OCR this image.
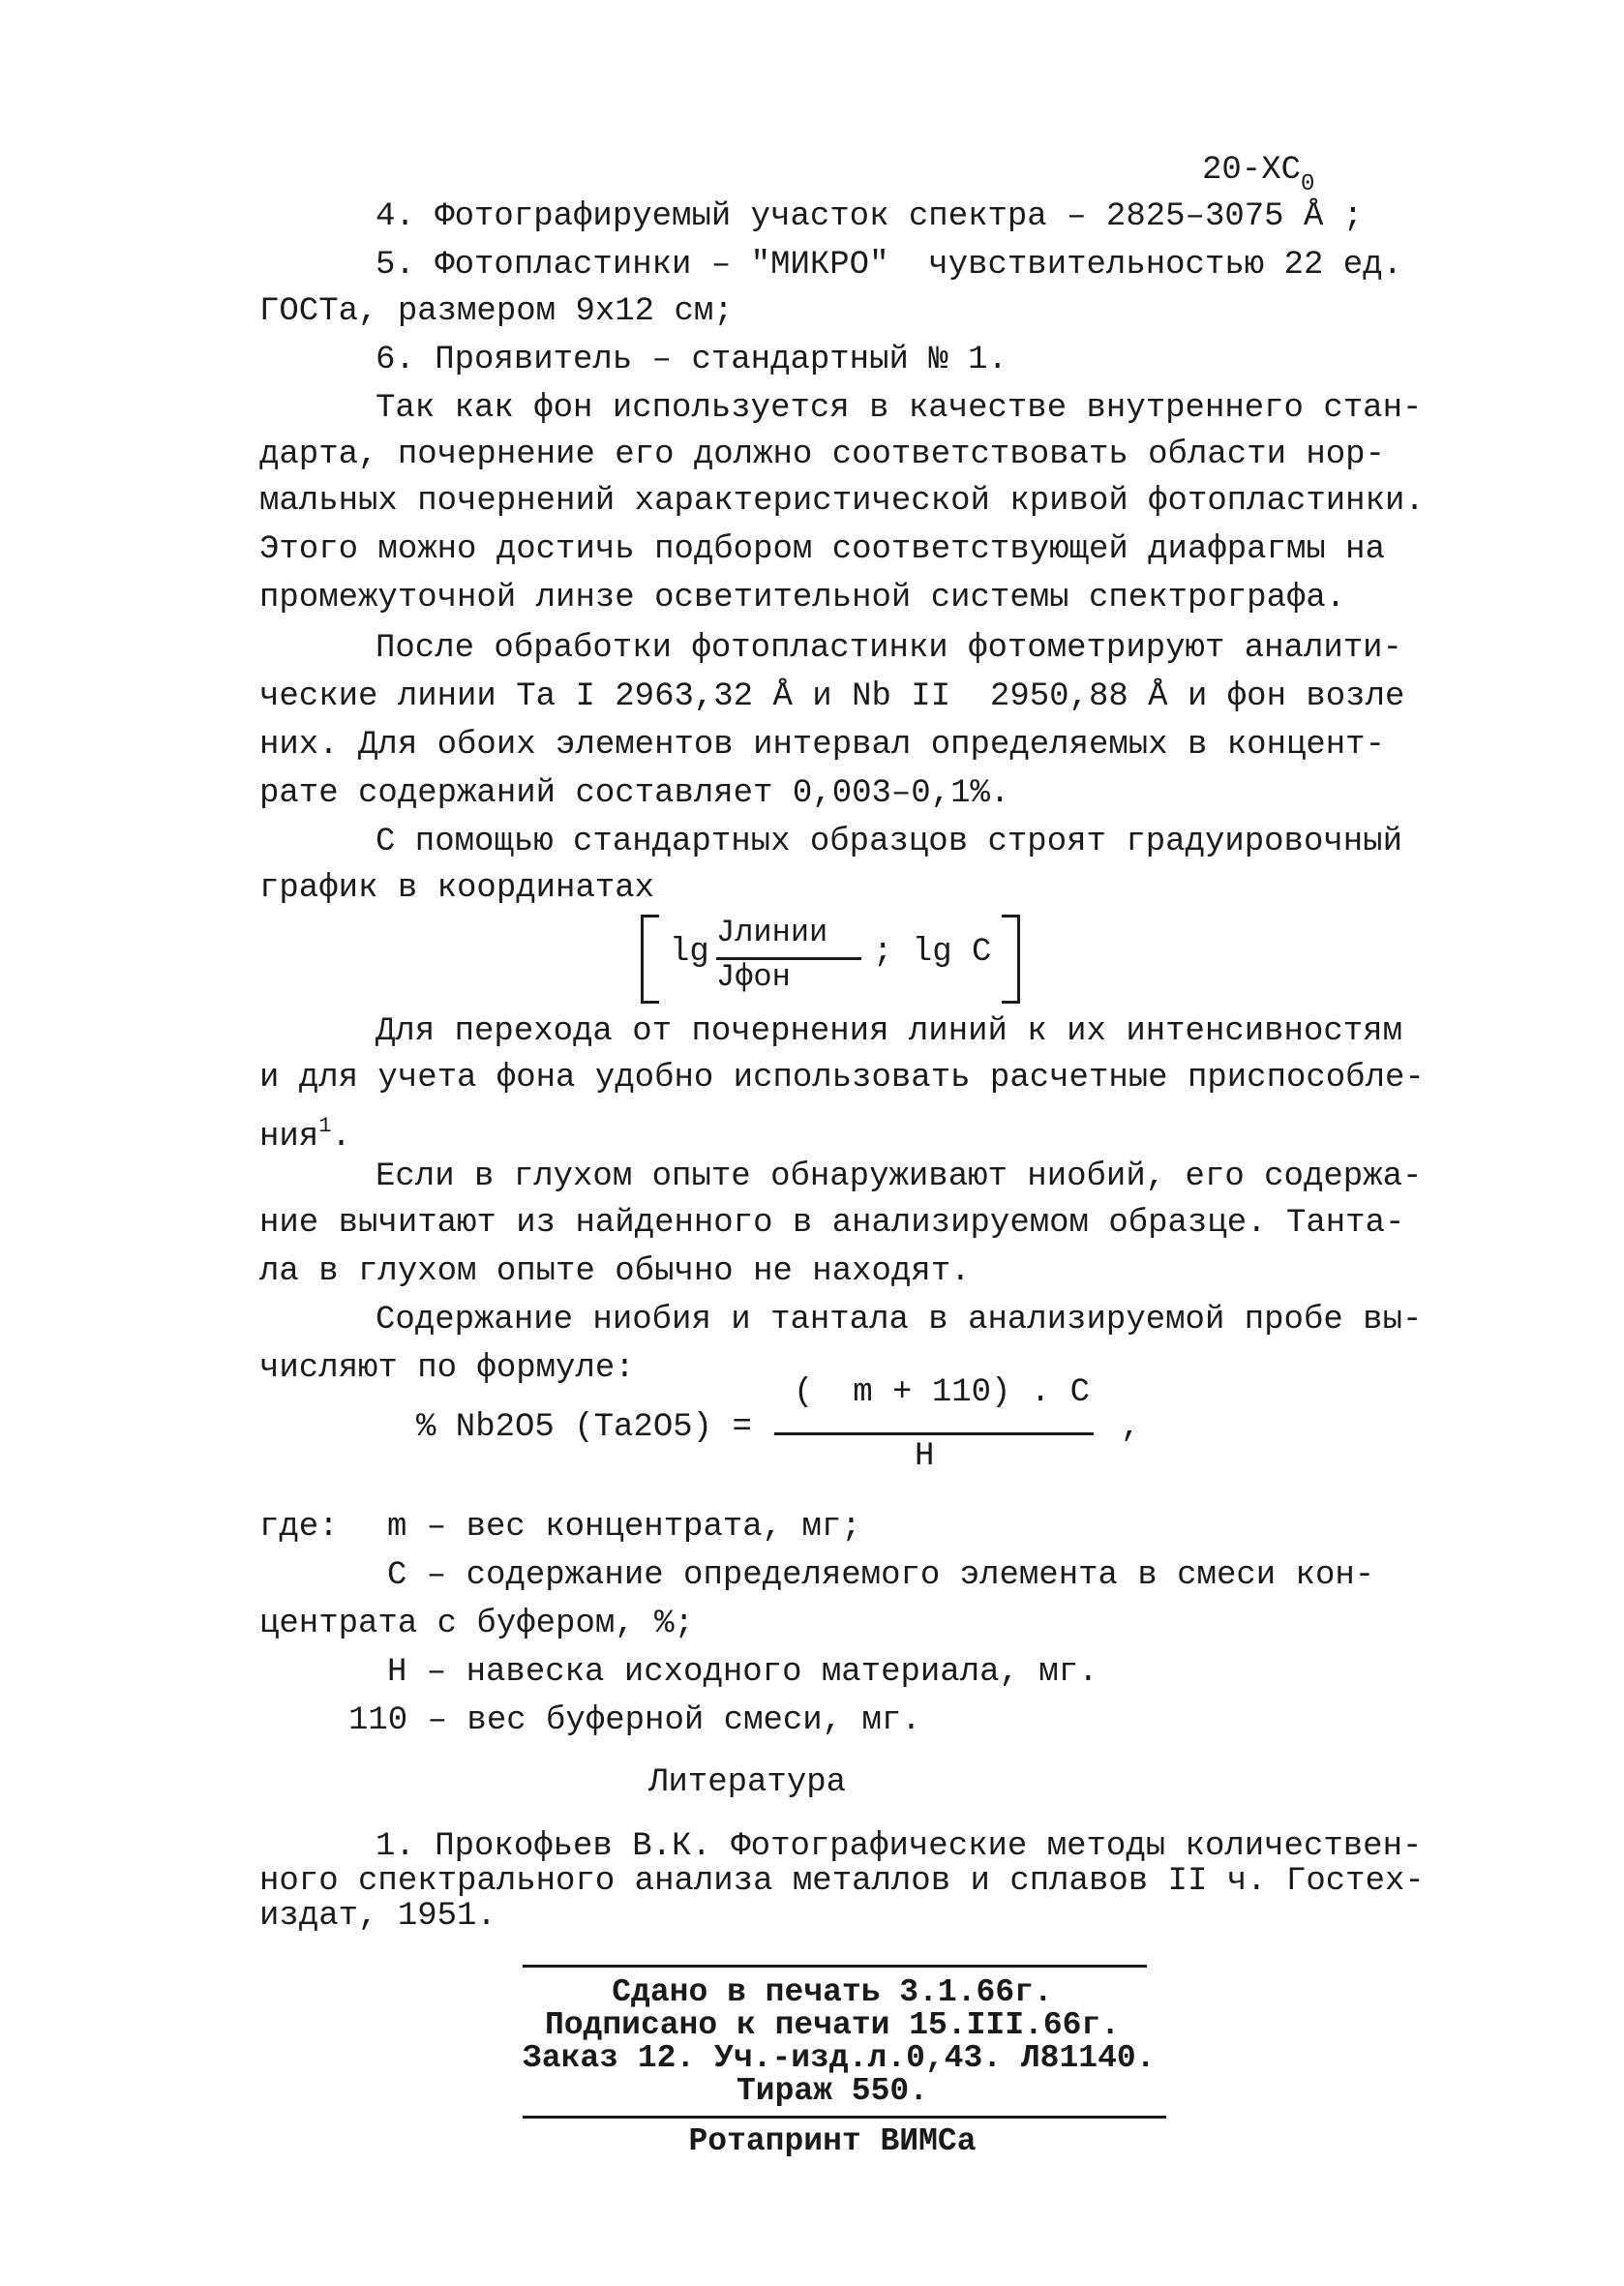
$20-ХС_0$
4. Фотографируемый участок спектра – 2825–3075 Å ;
5. Фотопластинки – "МИКРО"  чувствительностью 22 ед.
ГОСТа, размером 9х12 см;
6. Проявитель – стандартный № 1.
Так как фон используется в качестве внутреннего стан-
дарта, почернение его должно соответствовать области нор-
мальных почернений характеристической кривой фотопластинки.
Этого можно достичь подбором соответствующей диафрагмы на
промежуточной линзе осветительной системы спектрографа.
После обработки фотопластинки фотометрируют аналити-
ческие линии Та I 2963,32 Å и Nb II  2950,88 Å и фон возле
них. Для обоих элементов интервал определяемых в концент-
рате содержаний составляет 0,003–0,1%.
С помощью стандартных образцов строят градуировочный
график в координатах
lg
Jлинии
Jфон
; lg C
Для перехода от почернения линий к их интенсивностям
и для учета фона удобно использовать расчетные приспособле-
ния$^1$.
Если в глухом опыте обнаруживают ниобий, его содержа-
ние вычитают из найденного в анализируемом образце. Тантa-
ла в глухом опыте обычно не находят.
Содержание ниобия и тантала в анализируемой пробе вы-
числяют по формуле:
% Nb2O5 (Ta2O5) =
(  m + 110) . C
Н
,
где: m – вес концентрата, мг;
С – содержание определяемого элемента в смеси кон-
центрата с буфером, %;
Н – навеска исходного материала, мг.
110 – вес буферной смеси, мг.
Литература
1. Прокофьев В.К. Фотографические методы количествен-
ного спектрального анализа металлов и сплавов II ч. Гостех-
издат, 1951.
Сдано в печать 3.1.66г.
Подписано к печати 15.III.66г.
Заказ 12. Уч.-изд.л.0,43. Л81140.
Тираж 550.
Ротапринт ВИМСа
